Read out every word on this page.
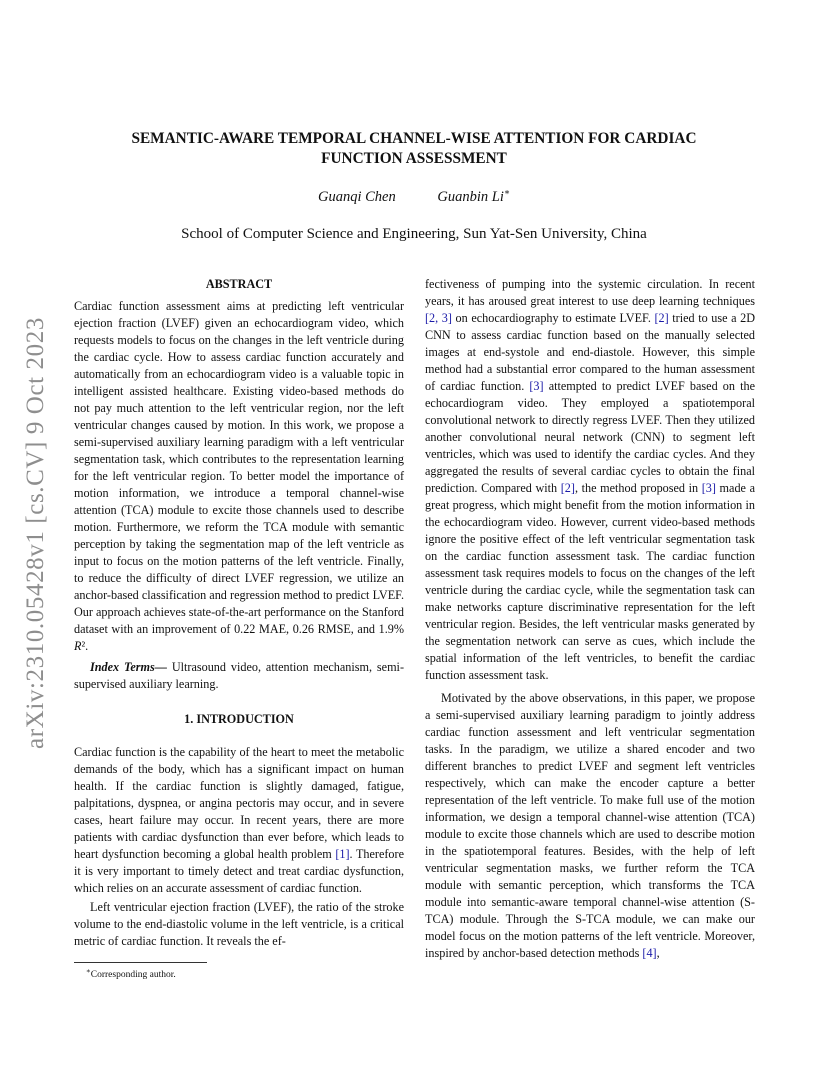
arXiv:2310.05428v1 [cs.CV] 9 Oct 2023
SEMANTIC-AWARE TEMPORAL CHANNEL-WISE ATTENTION FOR CARDIAC FUNCTION ASSESSMENT
Guanqi Chen	Guanbin Li∗
School of Computer Science and Engineering, Sun Yat-Sen University, China
ABSTRACT

Cardiac function assessment aims at predicting left ventricular ejection fraction (LVEF) given an echocardiogram video, which requests models to focus on the changes in the left ventricle during the cardiac cycle. How to assess cardiac function accurately and automatically from an echocardiogram video is a valuable topic in intelligent assisted healthcare. Existing video-based methods do not pay much attention to the left ventricular region, nor the left ventricular changes caused by motion. In this work, we propose a semi-supervised auxiliary learning paradigm with a left ventricular segmentation task, which contributes to the representation learning for the left ventricular region. To better model the importance of motion information, we introduce a temporal channel-wise attention (TCA) module to excite those channels used to describe motion. Furthermore, we reform the TCA module with semantic perception by taking the segmentation map of the left ventricle as input to focus on the motion patterns of the left ventricle. Finally, to reduce the difficulty of direct LVEF regression, we utilize an anchor-based classification and regression method to predict LVEF. Our approach achieves state-of-the-art performance on the Stanford dataset with an improvement of 0.22 MAE, 0.26 RMSE, and 1.9% R².

Index Terms— Ultrasound video, attention mechanism, semi-supervised auxiliary learning.

1. INTRODUCTION

Cardiac function is the capability of the heart to meet the metabolic demands of the body, which has a significant impact on human health. If the cardiac function is slightly damaged, fatigue, palpitations, dyspnea, or angina pectoris may occur, and in severe cases, heart failure may occur. In recent years, there are more patients with cardiac dysfunction than ever before, which leads to heart dysfunction becoming a global health problem [1]. Therefore it is very important to timely detect and treat cardiac dysfunction, which relies on an accurate assessment of cardiac function.

Left ventricular ejection fraction (LVEF), the ratio of the stroke volume to the end-diastolic volume in the left ventricle, is a critical metric of cardiac function. It reveals the ef-

fectiveness of pumping into the systemic circulation. In recent years, it has aroused great interest to use deep learning techniques [2, 3] on echocardiography to estimate LVEF. [2] tried to use a 2D CNN to assess cardiac function based on the manually selected images at end-systole and end-diastole. However, this simple method had a substantial error compared to the human assessment of cardiac function. [3] attempted to predict LVEF based on the echocardiogram video. They employed a spatiotemporal convolutional network to directly regress LVEF. Then they utilized another convolutional neural network (CNN) to segment left ventricles, which was used to identify the cardiac cycles. And they aggregated the results of several cardiac cycles to obtain the final prediction. Compared with [2], the method proposed in [3] made a great progress, which might benefit from the motion information in the echocardiogram video. However, current video-based methods ignore the positive effect of the left ventricular segmentation task on the cardiac function assessment task. The cardiac function assessment task requires models to focus on the changes of the left ventricle during the cardiac cycle, while the segmentation task can make networks capture discriminative representation for the left ventricular region. Besides, the left ventricular masks generated by the segmentation network can serve as cues, which include the spatial information of the left ventricles, to benefit the cardiac function assessment task.

Motivated by the above observations, in this paper, we propose a semi-supervised auxiliary learning paradigm to jointly address cardiac function assessment and left ventricular segmentation tasks. In the paradigm, we utilize a shared encoder and two different branches to predict LVEF and segment left ventricles respectively, which can make the encoder capture a better representation of the left ventricle. To make full use of the motion information, we design a temporal channel-wise attention (TCA) module to excite those channels which are used to describe motion in the spatiotemporal features. Besides, with the help of left ventricular segmentation masks, we further reform the TCA module with semantic perception, which transforms the TCA module into semantic-aware temporal channel-wise attention (S-TCA) module. Through the S-TCA module, we can make our model focus on the motion patterns of the left ventricle. Moreover, inspired by anchor-based detection methods [4],

∗Corresponding author.
